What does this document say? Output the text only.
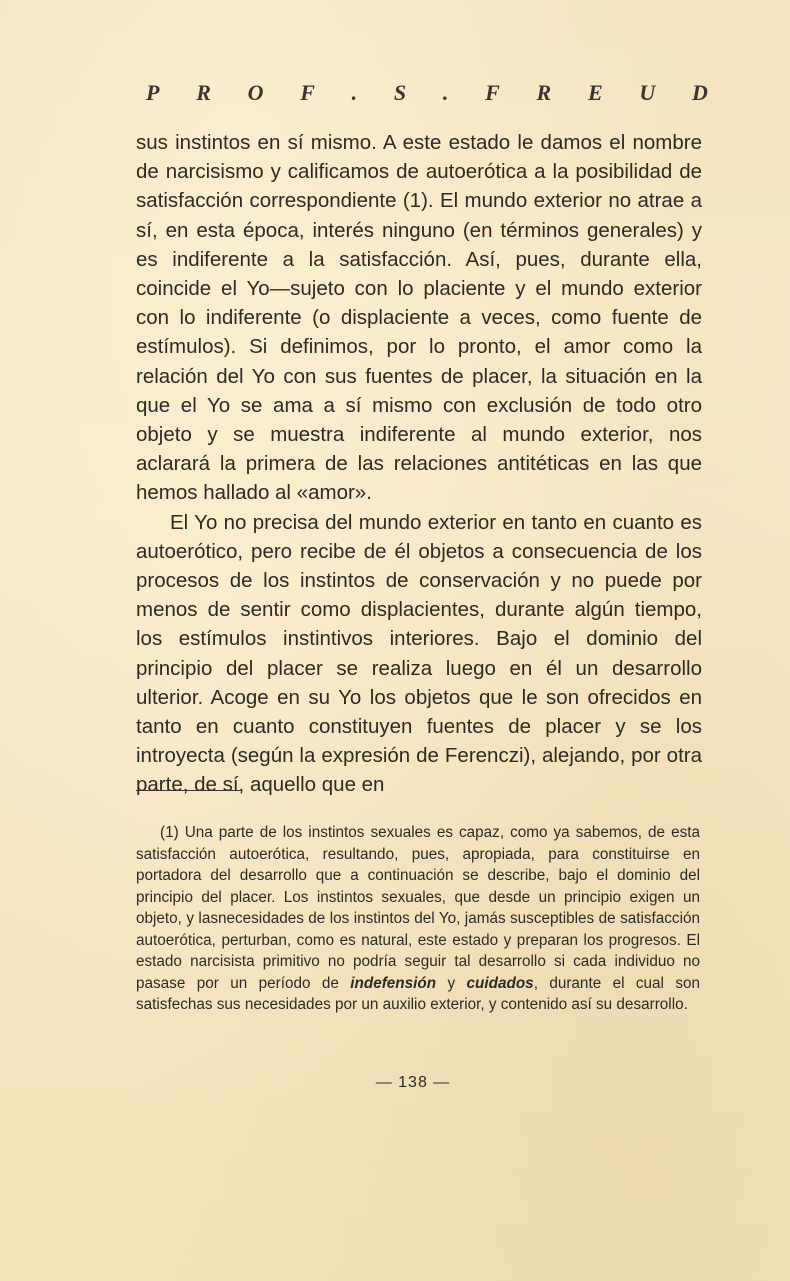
P R O F . S . F R E U D

sus instintos en sí mismo. A este estado le damos el nombre de narcisismo y calificamos de autoerótica a la posibilidad de satisfacción correspondiente (1). El mundo exterior no atrae a sí, en esta época, interés ninguno (en términos generales) y es indiferente a la satisfacción. Así, pues, durante ella, coincide el Yo—sujeto con lo placiente y el mundo exterior con lo indiferente (o displaciente a veces, como fuente de estímulos). Si definimos, por lo pronto, el amor como la relación del Yo con sus fuentes de placer, la situación en la que el Yo se ama a sí mismo con exclusión de todo otro objeto y se muestra indiferente al mundo exterior, nos aclarará la primera de las relaciones antitéticas en las que hemos hallado al «amor».

El Yo no precisa del mundo exterior en tanto en cuanto es autoerótico, pero recibe de él objetos a consecuencia de los procesos de los instintos de conservación y no puede por menos de sentir como displacientes, durante algún tiempo, los estímulos instintivos interiores. Bajo el dominio del principio del placer se realiza luego en él un desarrollo ulterior. Acoge en su Yo los objetos que le son ofrecidos en tanto en cuanto constituyen fuentes de placer y se los introyecta (según la expresión de Ferenczi), alejando, por otra parte, de sí, aquello que en

(1) Una parte de los instintos sexuales es capaz, como ya sabemos, de esta satisfacción autoerótica, resultando, pues, apropiada, para constituirse en portadora del desarrollo que a continuación se describe, bajo el dominio del principio del placer. Los instintos sexuales, que desde un principio exigen un objeto, y lasnecesidades de los instintos del Yo, jamás susceptibles de satisfacción autoerótica, perturban, como es natural, este estado y preparan los progresos. El estado narcisista primitivo no podría seguir tal desarrollo si cada individuo no pasase por un período de indefensión y cuidados, durante el cual son satisfechas sus necesidades por un auxilio exterior, y contenido así su desarrollo.

— 138 —
